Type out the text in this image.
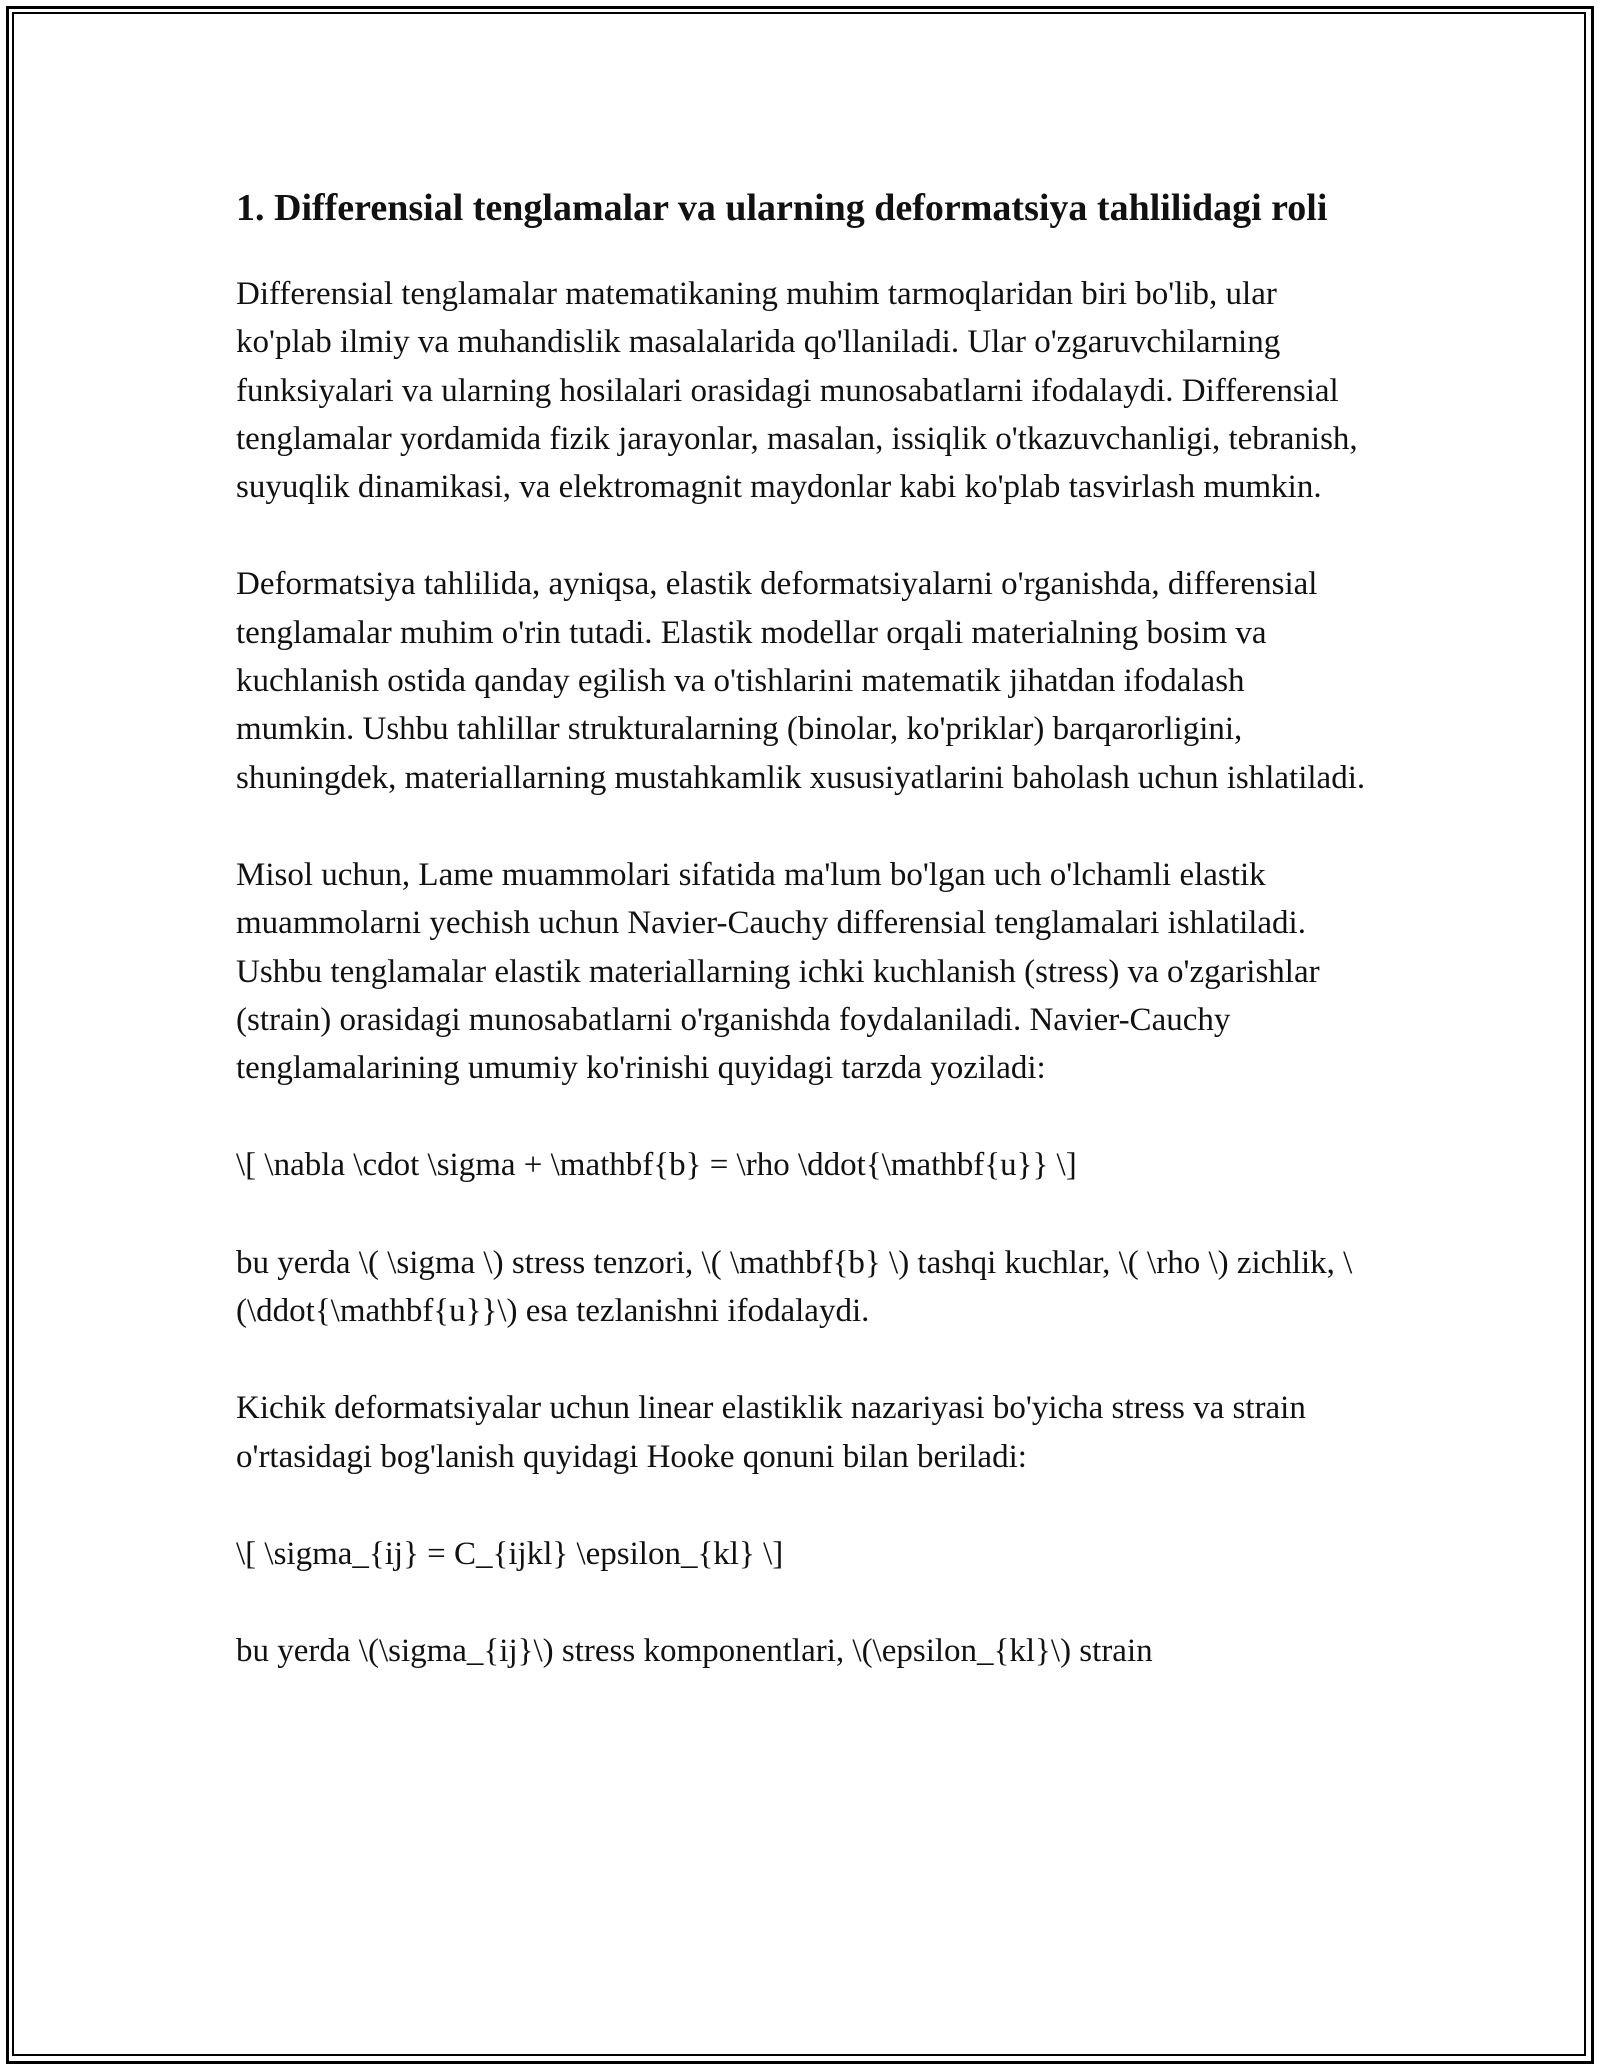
1. Differensial tenglamalar va ularning deformatsiya tahlilidagi roli

Differensial tenglamalar matematikaning muhim tarmoqlaridan biri bo'lib, ular ko'plab ilmiy va muhandislik masalalarida qo'llaniladi. Ular o'zgaruvchilarning funksiyalari va ularning hosilalari orasidagi munosabatlarni ifodalaydi. Differensial tenglamalar yordamida fizik jarayonlar, masalan, issiqlik o'tkazuvchanligi, tebranish, suyuqlik dinamikasi, va elektromagnit maydonlar kabi ko'plab tasvirlash mumkin.

Deformatsiya tahlilida, ayniqsa, elastik deformatsiyalarni o'rganishda, differensial tenglamalar muhim o'rin tutadi. Elastik modellar orqali materialning bosim va kuchlanish ostida qanday egilish va o'tishlarini matematik jihatdan ifodalash mumkin. Ushbu tahlillar strukturalarning (binolar, ko'priklar) barqarorligini, shuningdek, materiallarning mustahkamlik xususiyatlarini baholash uchun ishlatiladi.

Misol uchun, Lame muammolari sifatida ma'lum bo'lgan uch o'lchamli elastik muammolarni yechish uchun Navier-Cauchy differensial tenglamalari ishlatiladi. Ushbu tenglamalar elastik materiallarning ichki kuchlanish (stress) va o'zgarishlar (strain) orasidagi munosabatlarni o'rganishda foydalaniladi. Navier-Cauchy tenglamalarining umumiy ko'rinishi quyidagi tarzda yoziladi:

\[ \nabla \cdot \sigma + \mathbf{b} = \rho \ddot{\mathbf{u}} \]

bu yerda \( \sigma \) stress tenzori, \( \mathbf{b} \) tashqi kuchlar, \( \rho \) zichlik, \(\ddot{\mathbf{u}}\) esa tezlanishni ifodalaydi.

Kichik deformatsiyalar uchun linear elastiklik nazariyasi bo'yicha stress va strain o'rtasidagi bog'lanish quyidagi Hooke qonuni bilan beriladi:

\[ \sigma_{ij} = C_{ijkl} \epsilon_{kl} \]

bu yerda \(\sigma_{ij}\) stress komponentlari, \(\epsilon_{kl}\) strain
